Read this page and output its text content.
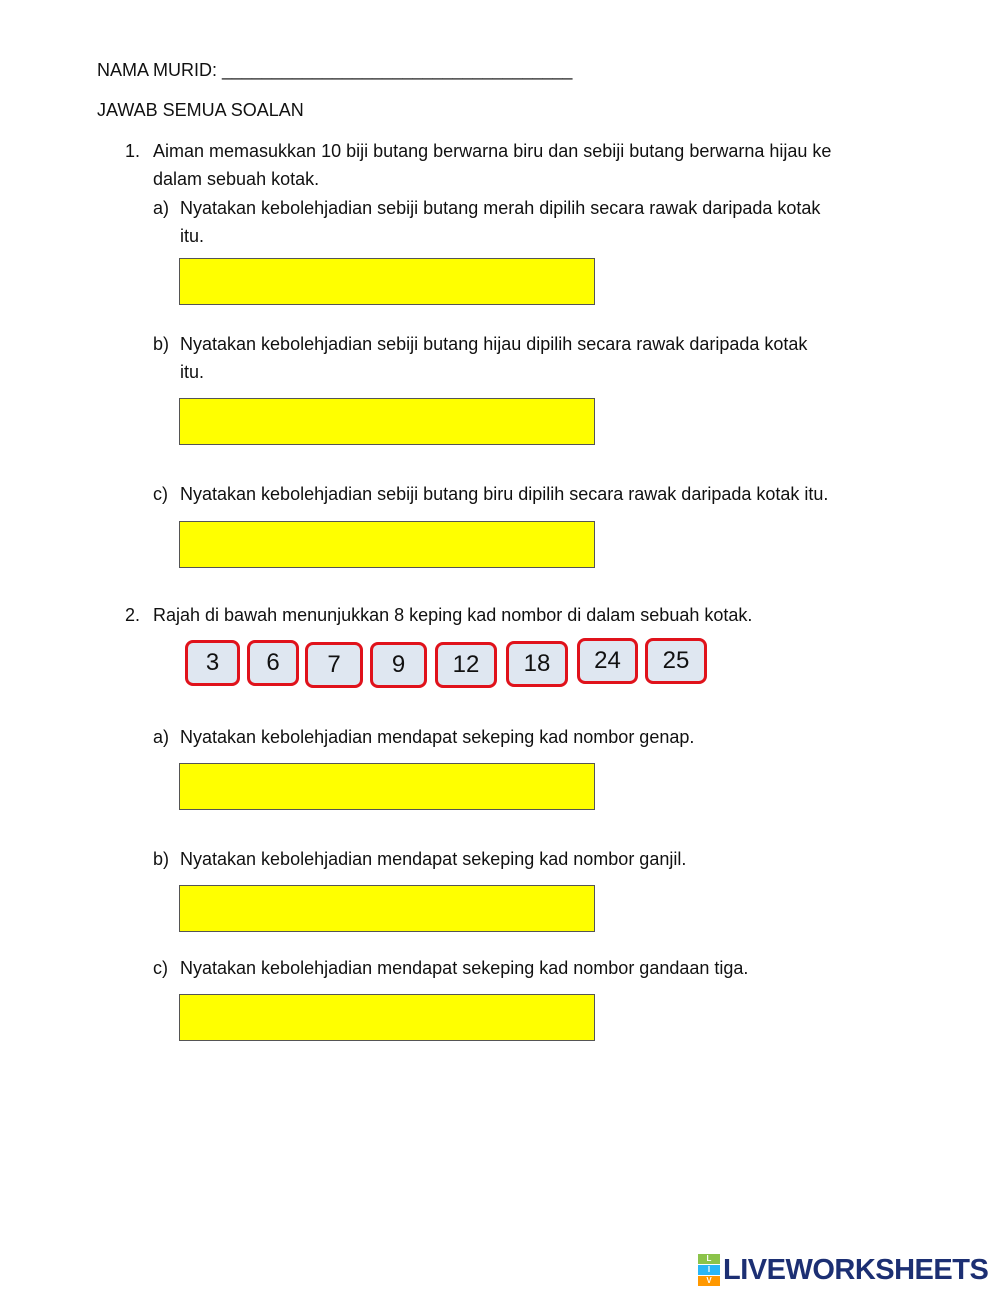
NAMA MURID: ___________________________________
JAWAB SEMUA SOALAN
1. Aiman memasukkan 10 biji butang berwarna biru dan sebiji butang berwarna hijau ke
dalam sebuah kotak.
a) Nyatakan kebolehjadian sebiji butang merah dipilih secara rawak daripada kotak
itu.
b) Nyatakan kebolehjadian sebiji butang hijau dipilih secara rawak daripada kotak
itu.
c) Nyatakan kebolehjadian sebiji butang biru dipilih secara rawak daripada kotak itu.
2. Rajah di bawah menunjukkan 8 keping kad nombor di dalam sebuah kotak.
3	6	7	9	12	18	24	25
a) Nyatakan kebolehjadian mendapat sekeping kad nombor genap.
b) Nyatakan kebolehjadian mendapat sekeping kad nombor ganjil.
c) Nyatakan kebolehjadian mendapat sekeping kad nombor gandaan tiga.
L
I
V LIVEWORKSHEETS
